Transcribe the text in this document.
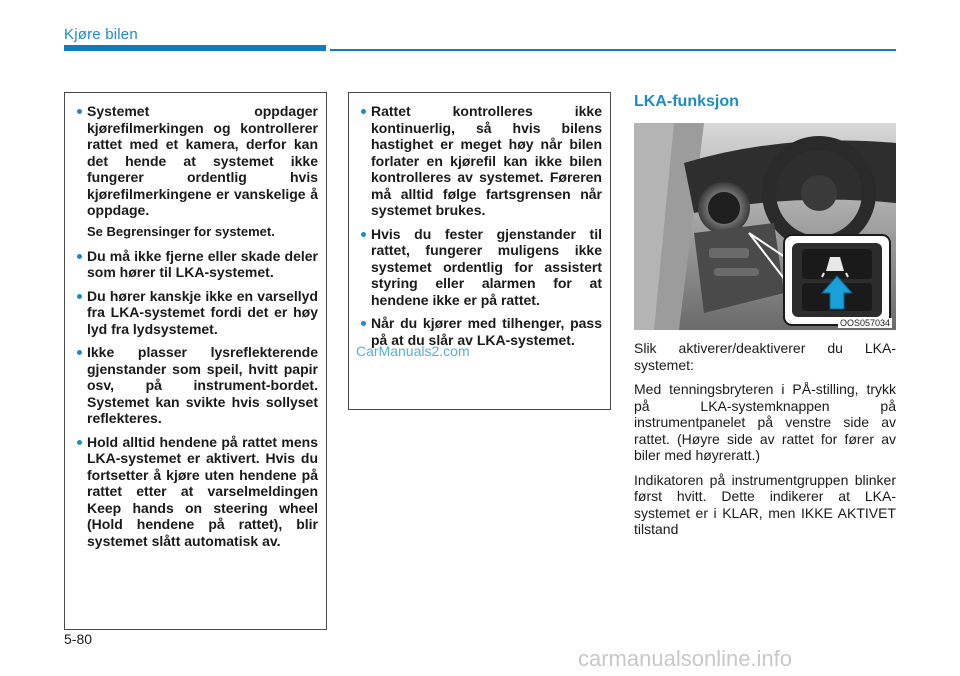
Kjøre bilen
Systemet oppdager kjørefilmerkingen og kontrollerer rattet med et kamera, derfor kan det hende at systemet ikke fungerer ordentlig hvis kjørefilmerkingene er vanskelige å oppdage.
Se Begrensinger for systemet.
Du må ikke fjerne eller skade deler som hører til LKA-systemet.
Du hører kanskje ikke en varsellyd fra LKA-systemet fordi det er høy lyd fra lydsystemet.
Ikke plasser lysreflekterende gjenstander som speil, hvitt papir osv, på instrument-bordet. Systemet kan svikte hvis sollyset reflekteres.
Hold alltid hendene på rattet mens LKA-systemet er aktivert. Hvis du fortsetter å kjøre uten hendene på rattet etter at varselmeldingen Keep hands on steering wheel (Hold hendene på rattet), blir systemet slått automatisk av.
Rattet kontrolleres ikke kontinuerlig, så hvis bilens hastighet er meget høy når bilen forlater en kjørefil kan ikke bilen kontrolleres av systemet. Føreren må alltid følge fartsgrensen når systemet brukes.
Hvis du fester gjenstander til rattet, fungerer muligens ikke systemet ordentlig for assistert styring eller alarmen for at hendene ikke er på rattet.
Når du kjører med tilhenger, pass på at du slår av LKA-systemet.
CarManuals2.com
LKA-funksjon
OOS057034

Slik aktiverer/deaktiverer du LKA-systemet:

Med tenningsbryteren i PÅ-stilling, trykk på LKA-systemknappen på instrumentpanelet på venstre side av rattet. (Høyre side av rattet for fører av biler med høyreratt.)

Indikatoren på instrumentgruppen blinker først hvitt. Dette indikerer at LKA-systemet er i KLAR, men IKKE AKTIVET tilstand

5-80
carmanualsonline.info
